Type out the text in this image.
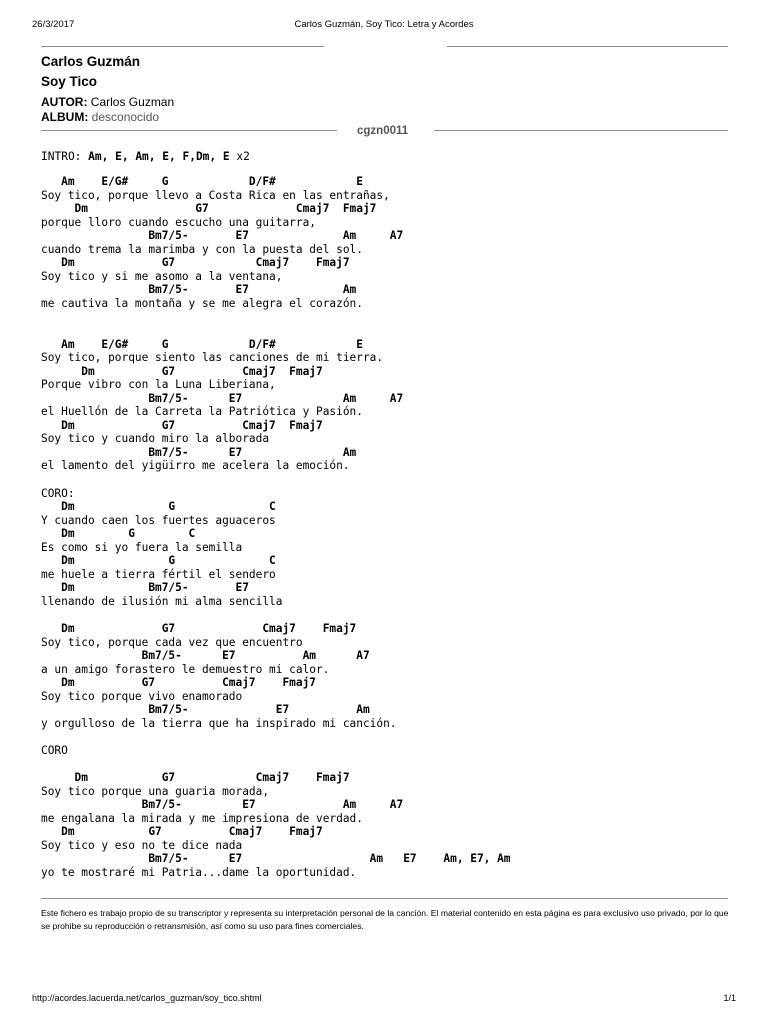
26/3/2017	Carlos Guzmán, Soy Tico: Letra y Acordes
Carlos Guzmán
Soy Tico
AUTOR: Carlos Guzman
ALBUM: desconocido
cgzn0011
INTRO: Am, E, Am, E, F,Dm, E x2
Am    E/G#     G            D/F#            E
Soy tico, porque llevo a Costa Rica en las entrañas,
Dm                G7             Cmaj7  Fmaj7
porque lloro cuando escucho una guitarra,
Bm7/5-       E7              Am     A7
cuando trema la marimba y con la puesta del sol.
Dm             G7            Cmaj7    Fmaj7
Soy tico y si me asomo a la ventana,
Bm7/5-       E7              Am
me cautiva la montaña y se me alegra el corazón.
Am    E/G#     G            D/F#            E
Soy tico, porque siento las canciones de mi tierra.
Dm          G7          Cmaj7  Fmaj7
Porque vibro con la Luna Liberiana,
Bm7/5-      E7               Am     A7
el Huellón de la Carreta la Patriótica y Pasión.
Dm             G7          Cmaj7  Fmaj7
Soy tico y cuando miro la alborada
Bm7/5-      E7               Am
el lamento del yigüirro me acelera la emoción.
CORO:
Dm              G              C
Y cuando caen los fuertes aguaceros
Dm        G        C
Es como si yo fuera la semilla
Dm              G              C
me huele a tierra fértil el sendero
Dm           Bm7/5-       E7
llenando de ilusión mi alma sencilla
Dm             G7             Cmaj7    Fmaj7
Soy tico, porque cada vez que encuentro
Bm7/5-      E7          Am      A7
a un amigo forastero le demuestro mi calor.
Dm          G7          Cmaj7    Fmaj7
Soy tico porque vivo enamorado
Bm7/5-             E7          Am
y orgulloso de la tierra que ha inspirado mi canción.
CORO
Dm           G7            Cmaj7    Fmaj7
Soy tico porque una guaria morada,
Bm7/5-         E7             Am     A7
me engalana la mirada y me impresiona de verdad.
Dm           G7          Cmaj7    Fmaj7
Soy tico y eso no te dice nada
Bm7/5-      E7                   Am   E7    Am, E7, Am
yo te mostraré mi Patria...dame la oportunidad.
Este fichero es trabajo propio de su transcriptor y representa su interpretación personal de la canción. El material contenido en esta página es para exclusivo uso privado, por lo que se prohibe su reproducción o retransmisión, así como su uso para fines comerciales.
http://acordes.lacuerda.net/carlos_guzman/soy_tico.shtml	1/1
